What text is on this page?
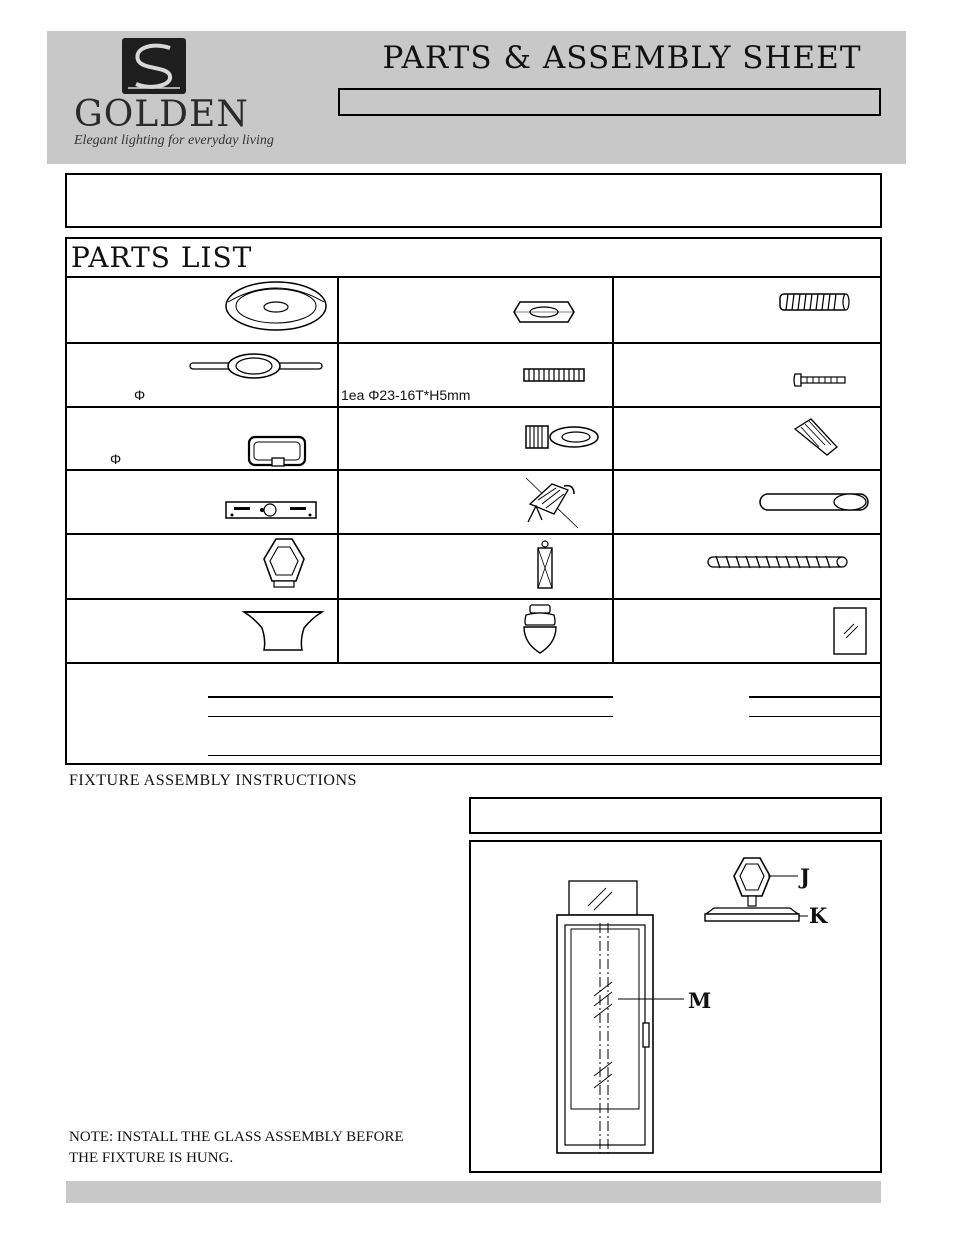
GOLDEN
Elegant lighting for everyday living
PARTS & ASSEMBLY SHEET
PARTS LIST
Φ	1ea Φ23-16T*H5mm
Φ
FIXTURE ASSEMBLY INSTRUCTIONS
J
K
M
NOTE: INSTALL THE GLASS ASSEMBLY BEFORE
THE FIXTURE IS HUNG.
